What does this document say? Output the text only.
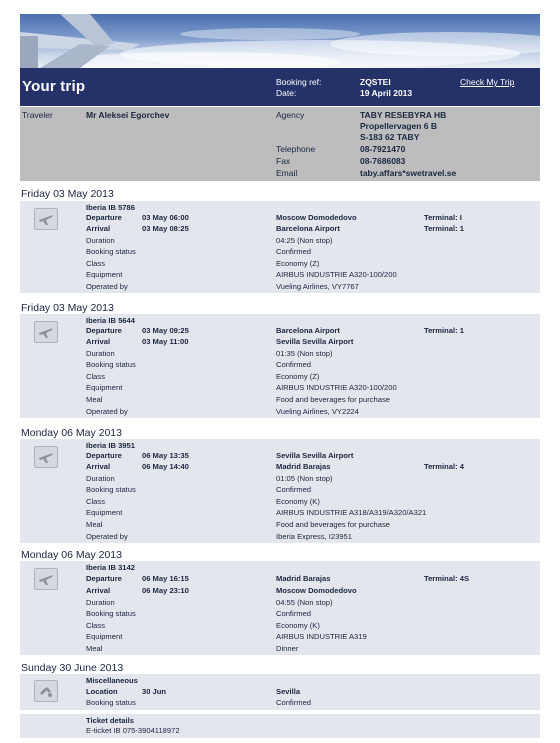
Your trip	Booking ref:	ZQSTEI
Date:	19 April 2013
Check My Trip
Traveler	Mr Aleksei Egorchev	Agency	TABY RESEBYRA HB
Propellervagen 6 B
S-183 62 TABY
Telephone	08-7921470
Fax	08-7686083
Email	taby.affars*swetravel.se
Friday 03 May 2013
Iberia IB 5786
Departure	03 May 06:00	Moscow Domodedovo	Terminal: I
Arrival	03 May 08:25	Barcelona Airport	Terminal: 1
Duration	04:25 (Non stop)
Booking status	Confirmed
Class	Economy (Z)
Equipment	AIRBUS INDUSTRIE A320-100/200
Operated by	Vueling Airlines, VY7767
Friday 03 May 2013
Iberia IB 5644
Departure	03 May 09:25	Barcelona Airport	Terminal: 1
Arrival	03 May 11:00	Sevilla Sevilla Airport
Duration	01:35 (Non stop)
Booking status	Confirmed
Class	Economy (Z)
Equipment	AIRBUS INDUSTRIE A320-100/200
Meal	Food and beverages for purchase
Operated by	Vueling Airlines, VY2224
Monday 06 May 2013
Iberia IB 3951
Departure	06 May 13:35	Sevilla Sevilla Airport
Arrival	06 May 14:40	Madrid Barajas	Terminal: 4
Duration	01:05 (Non stop)
Booking status	Confirmed
Class	Economy (K)
Equipment	AIRBUS INDUSTRIE A318/A319/A320/A321
Meal	Food and beverages for purchase
Operated by	Iberia Express, I23951
Monday 06 May 2013
Iberia IB 3142
Departure	06 May 16:15	Madrid Barajas	Terminal: 4S
Arrival	06 May 23:10	Moscow Domodedovo
Duration	04:55 (Non stop)
Booking status	Confirmed
Class	Economy (K)
Equipment	AIRBUS INDUSTRIE A319
Meal	Dinner
Sunday 30 June 2013
Miscellaneous
Location	30 Jun	Sevilla
Booking status	Confirmed
Ticket details
E-ticket IB 075-3904118972
